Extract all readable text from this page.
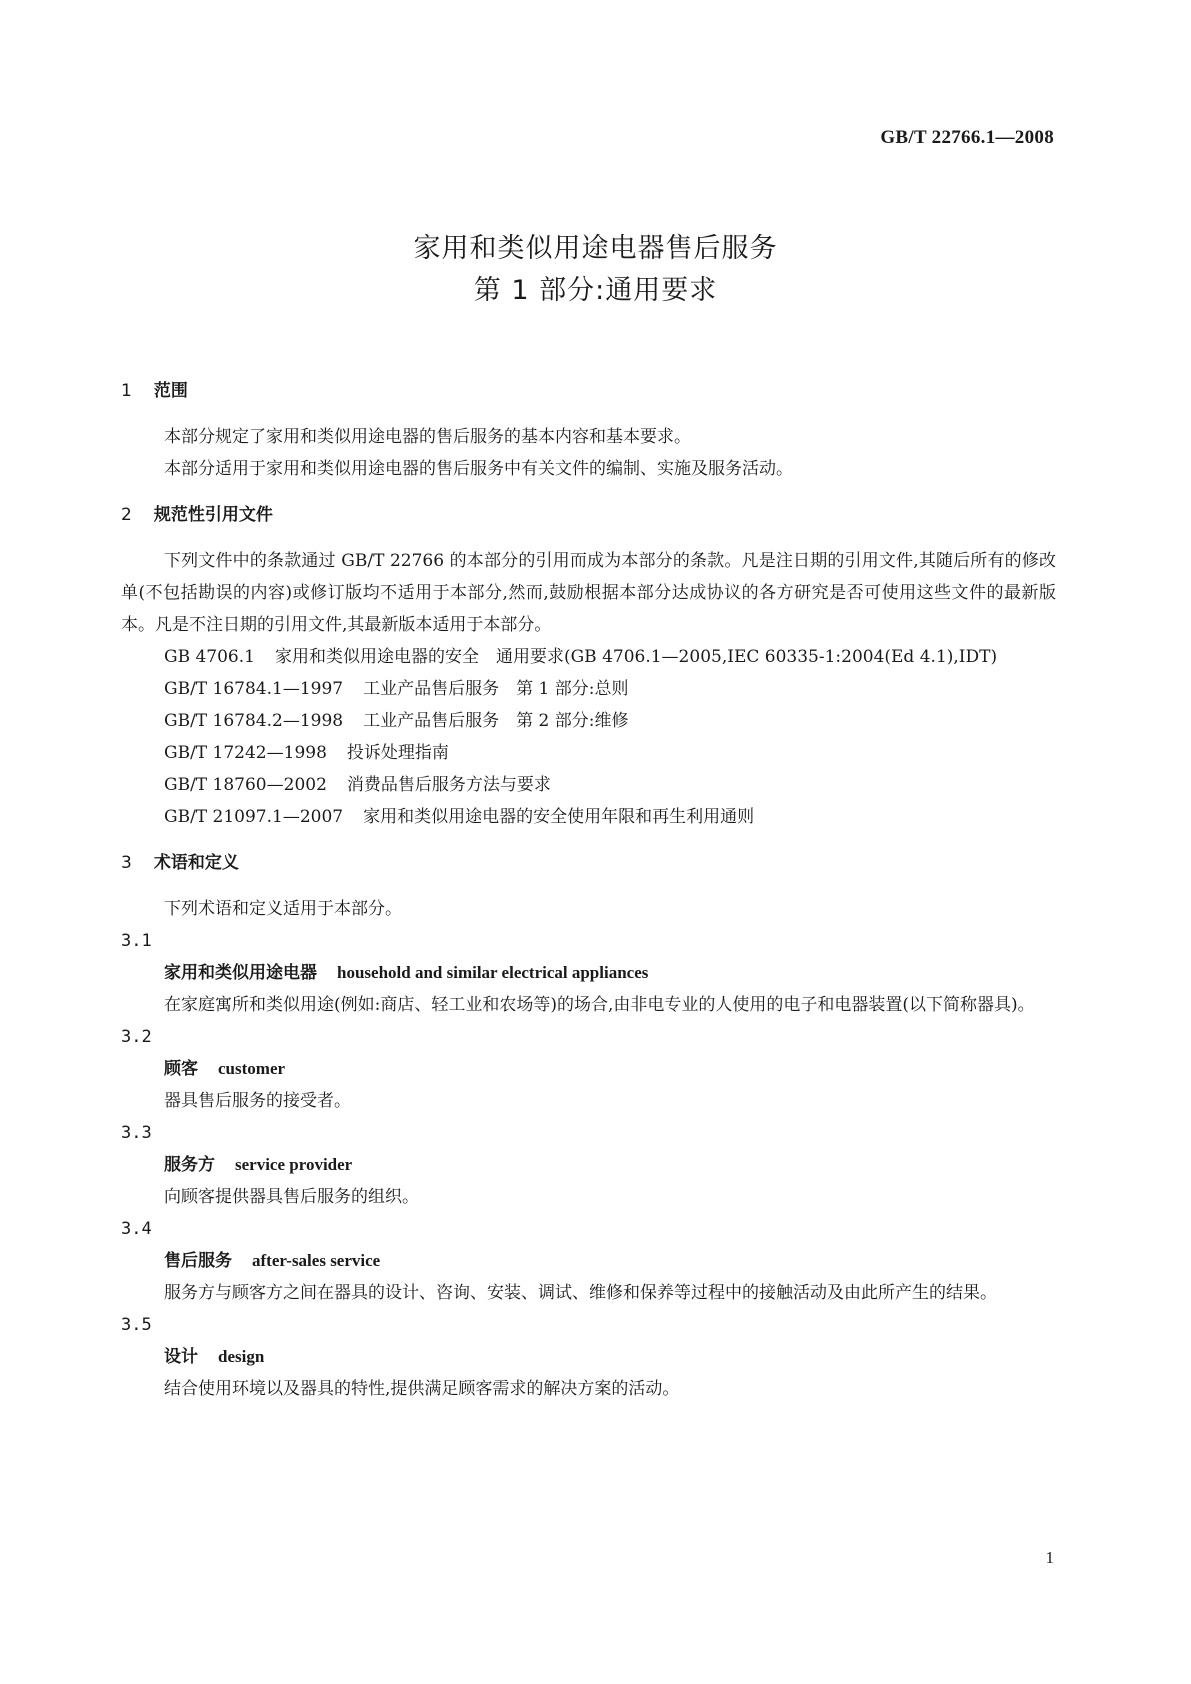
GB/T 22766.1—2008
家用和类似用途电器售后服务
第 1 部分:通用要求
1 范围

本部分规定了家用和类似用途电器的售后服务的基本内容和基本要求。

本部分适用于家用和类似用途电器的售后服务中有关文件的编制、实施及服务活动。

2 规范性引用文件

下列文件中的条款通过 GB/T 22766 的本部分的引用而成为本部分的条款。凡是注日期的引用文件,其随后所有的修改单(不包括勘误的内容)或修订版均不适用于本部分,然而,鼓励根据本部分达成协议的各方研究是否可使用这些文件的最新版本。凡是不注日期的引用文件,其最新版本适用于本部分。

GB 4706.1 家用和类似用途电器的安全　通用要求(GB 4706.1—2005,IEC 60335-1:2004(Ed 4.1),IDT)

GB/T 16784.1—1997 工业产品售后服务　第 1 部分:总则

GB/T 16784.2—1998 工业产品售后服务　第 2 部分:维修

GB/T 17242—1998 投诉处理指南

GB/T 18760—2002 消费品售后服务方法与要求

GB/T 21097.1—2007 家用和类似用途电器的安全使用年限和再生利用通则

3 术语和定义

下列术语和定义适用于本部分。

3.1
家用和类似用途电器 household and similar electrical appliances

在家庭寓所和类似用途(例如:商店、轻工业和农场等)的场合,由非电专业的人使用的电子和电器装置(以下简称器具)。

3.2
顾客 customer

器具售后服务的接受者。

3.3
服务方 service provider

向顾客提供器具售后服务的组织。

3.4
售后服务 after-sales service

服务方与顾客方之间在器具的设计、咨询、安装、调试、维修和保养等过程中的接触活动及由此所产生的结果。

3.5
设计 design

结合使用环境以及器具的特性,提供满足顾客需求的解决方案的活动。

1
